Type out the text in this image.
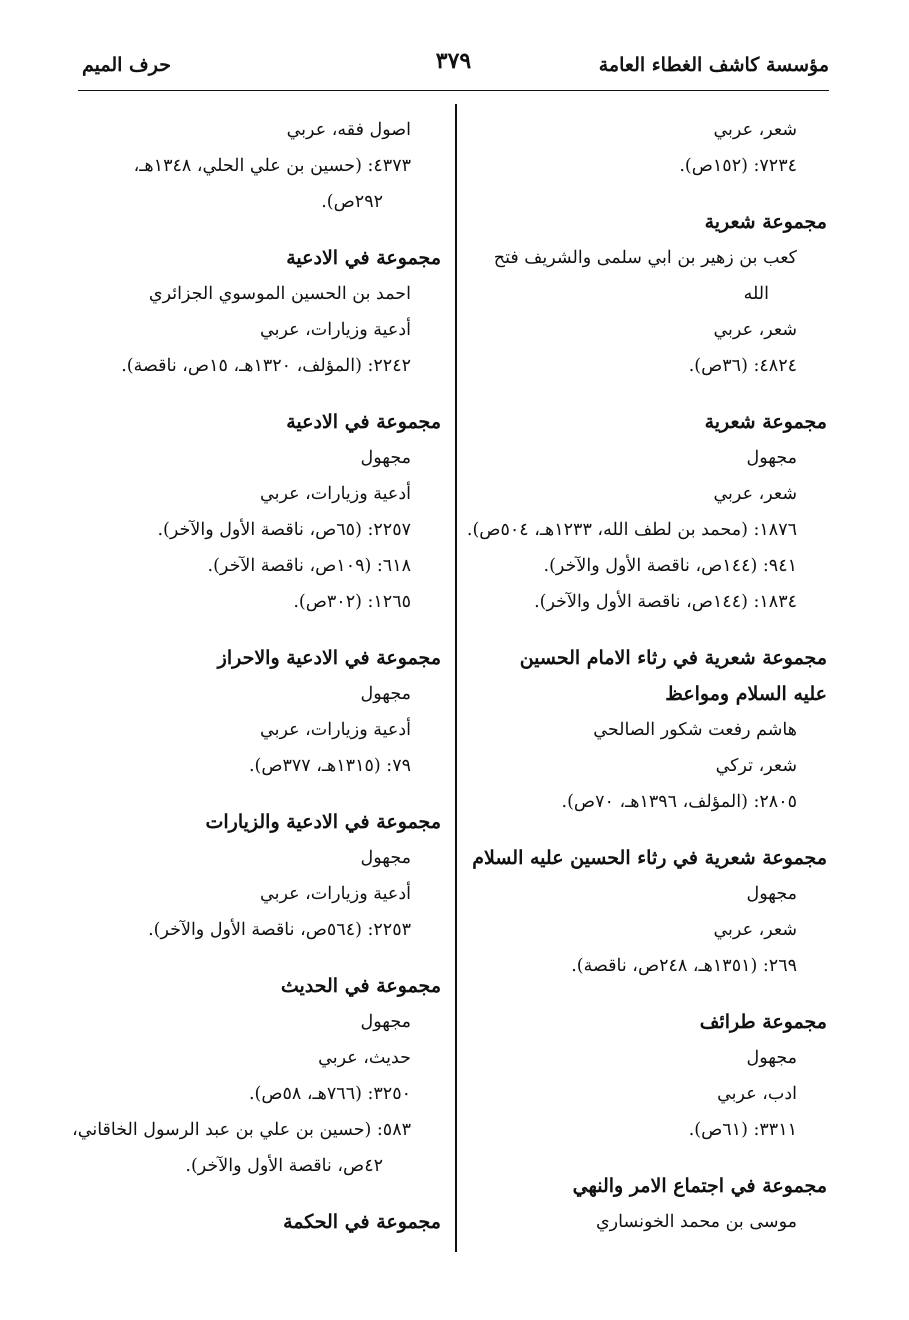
مؤسسة كاشف الغطاء العامة
٣٧٩
حرف الميم
شعر، عربي
٧٢٣٤: (١٥٢ص).
مجموعة شعرية
كعب بن زهير بن ابي سلمى والشريف فتح
الله
شعر، عربي
٤٨٢٤: (٣٦ص).
مجموعة شعرية
مجهول
شعر، عربي
١٨٧٦: (محمد بن لطف الله، ١٢٣٣هـ، ٥٠٤ص).
٩٤١: (١٤٤ص، ناقصة الأول والآخر).
١٨٣٤: (١٤٤ص، ناقصة الأول والآخر).
مجموعة شعرية في رثاء الامام الحسين
عليه السلام ومواعظ
هاشم رفعت شكور الصالحي
شعر، تركي
٢٨٠٥: (المؤلف، ١٣٩٦هـ، ٧٠ص).
مجموعة شعرية في رثاء الحسين عليه السلام
مجهول
شعر، عربي
٢٦٩: (١٣٥١هـ، ٢٤٨ص، ناقصة).
مجموعة طرائف
مجهول
ادب، عربي
٣٣١١: (٦١ص).
مجموعة في اجتماع الامر والنهي
موسى بن محمد الخونساري
اصول فقه، عربي
٤٣٧٣: (حسين بن علي الحلي، ١٣٤٨هـ،
٢٩٢ص).
مجموعة في الادعية
احمد بن الحسين الموسوي الجزائري
أدعية وزيارات، عربي
٢٢٤٢: (المؤلف، ١٣٢٠هـ، ١٥ص، ناقصة).
مجموعة في الادعية
مجهول
أدعية وزيارات، عربي
٢٢٥٧: (٦٥ص، ناقصة الأول والآخر).
٦١٨: (١٠٩ص، ناقصة الآخر).
١٢٦٥: (٣٠٢ص).
مجموعة في الادعية والاحراز
مجهول
أدعية وزيارات، عربي
٧٩: (١٣١٥هـ، ٣٧٧ص).
مجموعة في الادعية والزيارات
مجهول
أدعية وزيارات، عربي
٢٢٥٣: (٥٦٤ص، ناقصة الأول والآخر).
مجموعة في الحديث
مجهول
حديث، عربي
٣٢٥٠: (٧٦٦هـ، ٥٨ص).
٥٨٣: (حسين بن علي بن عبد الرسول الخاقاني،
٤٢ص، ناقصة الأول والآخر).
مجموعة في الحكمة
